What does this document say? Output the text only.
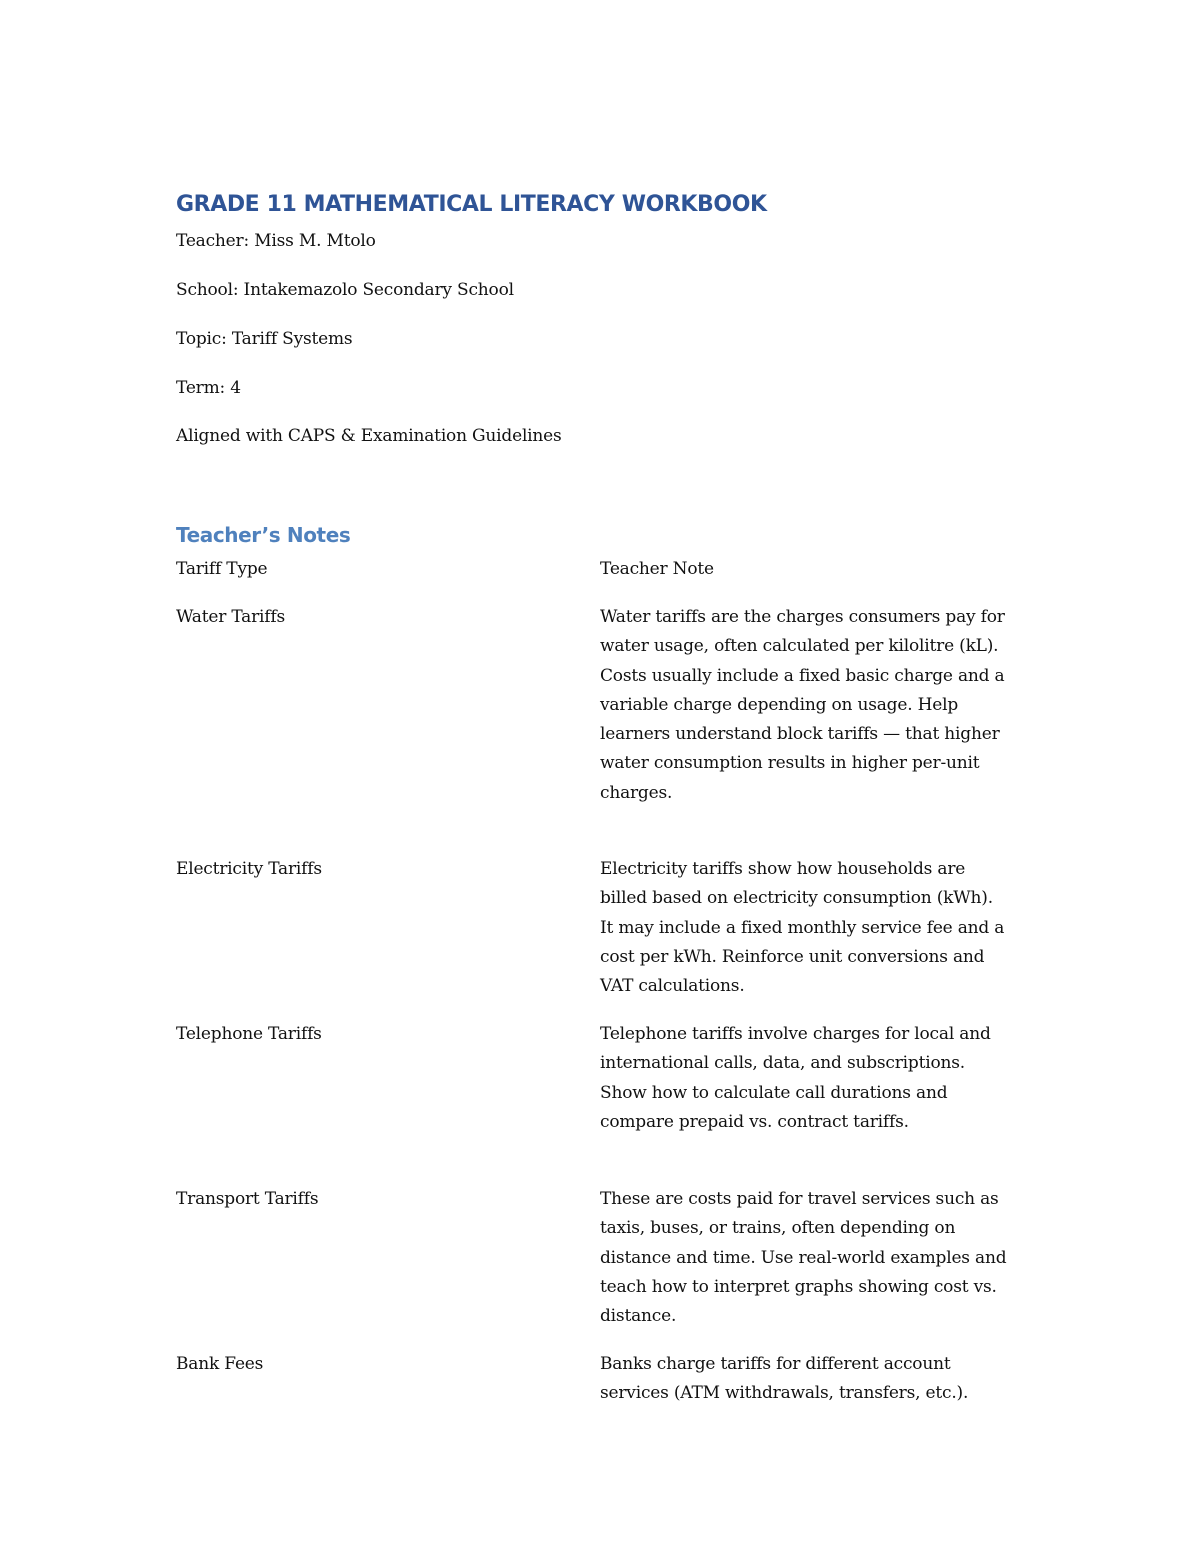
GRADE 11 MATHEMATICAL LITERACY WORKBOOK
Teacher: Miss M. Mtolo
School: Intakemazolo Secondary School
Topic: Tariff Systems
Term: 4
Aligned with CAPS & Examination Guidelines
Teacher’s Notes
Tariff Type	Teacher Note
Water Tariffs	Water tariffs are the charges consumers pay for water usage, often calculated per kilolitre (kL). Costs usually include a fixed basic charge and a variable charge depending on usage. Help learners understand block tariffs — that higher water consumption results in higher per-unit charges.
Electricity Tariffs	Electricity tariffs show how households are billed based on electricity consumption (kWh). It may include a fixed monthly service fee and a cost per kWh. Reinforce unit conversions and VAT calculations.
Telephone Tariffs	Telephone tariffs involve charges for local and international calls, data, and subscriptions. Show how to calculate call durations and compare prepaid vs. contract tariffs.
Transport Tariffs	These are costs paid for travel services such as taxis, buses, or trains, often depending on distance and time. Use real-world examples and teach how to interpret graphs showing cost vs. distance.
Bank Fees	Banks charge tariffs for different account services (ATM withdrawals, transfers, etc.).
